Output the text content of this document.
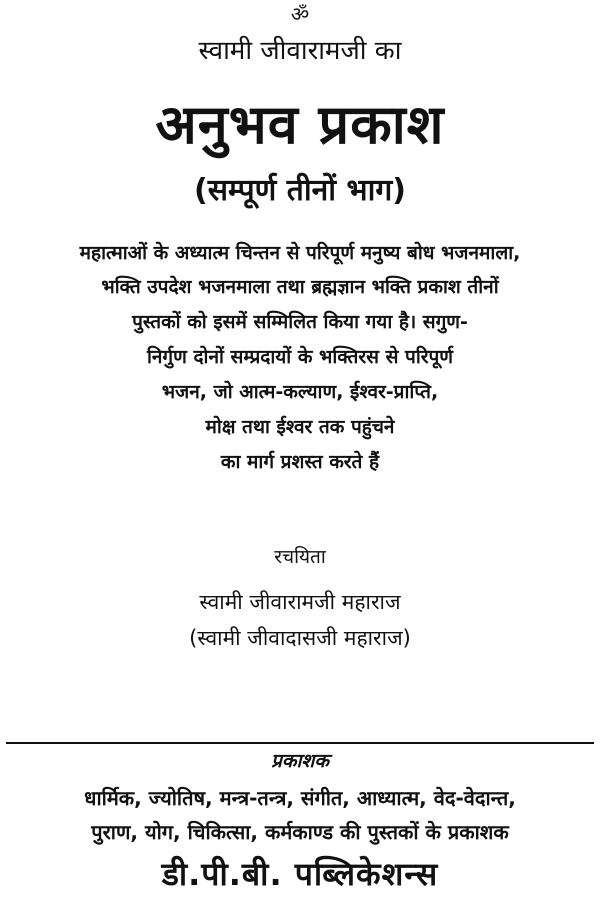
ॐ
स्वामी जीवारामजी का
अनुभव प्रकाश
(सम्पूर्ण तीनों भाग)
महात्माओं के अध्यात्म चिन्तन से परिपूर्ण मनुष्य बोध भजनमाला,
भक्ति उपदेश भजनमाला तथा ब्रह्मज्ञान भक्ति प्रकाश तीनों
पुस्तकों को इसमें सम्मिलित किया गया है। सगुण-
निर्गुण दोनों सम्प्रदायों के भक्तिरस से परिपूर्ण
भजन, जो आत्म-कल्याण, ईश्वर-प्राप्ति,
मोक्ष तथा ईश्वर तक पहुंचने
का मार्ग प्रशस्त करते हैं
रचयिता
स्वामी जीवारामजी महाराज
(स्वामी जीवादासजी महाराज)
प्रकाशक
धार्मिक, ज्योतिष, मन्त्र-तन्त्र, संगीत, आध्यात्म, वेद-वेदान्त,
पुराण, योग, चिकित्सा, कर्मकाण्ड की पुस्तकों के प्रकाशक
डी.पी.बी. पब्लिकेशन्स
